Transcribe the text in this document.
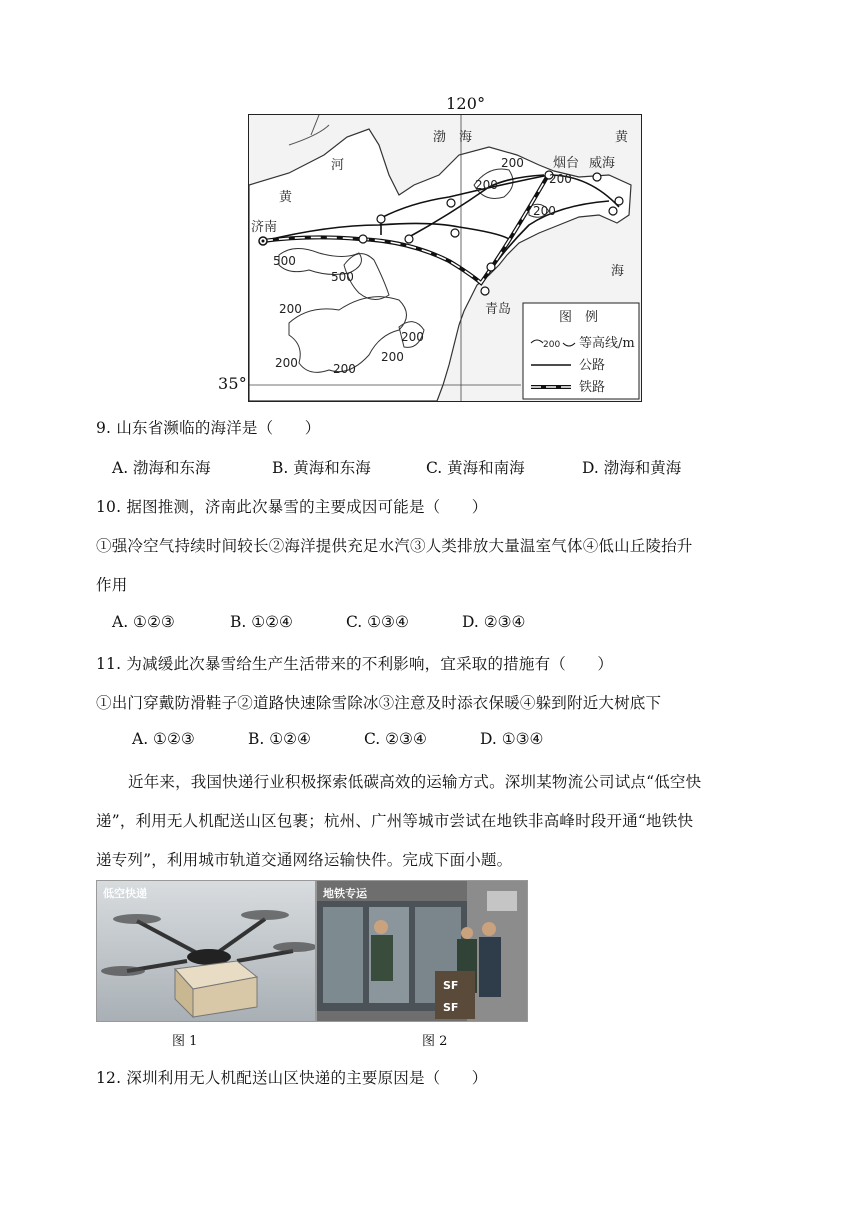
120°
35°
渤　海	黄
河
黄
海
济南
烟台 威海
青岛
200
200	200
200
500
500
200
200
200
200	200
图　例
200 等高线/m
公路
铁路
9. 山东省濒临的海洋是（　　）
A. 渤海和东海	B. 黄海和东海	C. 黄海和南海	D. 渤海和黄海
10. 据图推测，济南此次暴雪的主要成因可能是（　　）
①强冷空气持续时间较长②海洋提供充足水汽③人类排放大量温室气体④低山丘陵抬升
作用
A. ①②③	B. ①②④	C. ①③④	D. ②③④
11. 为减缓此次暴雪给生产生活带来的不利影响，宜采取的措施有（　　）
①出门穿戴防滑鞋子②道路快速除雪除冰③注意及时添衣保暖④躲到附近大树底下
A. ①②③	B. ①②④	C. ②③④	D. ①③④
近年来，我国快递行业积极探索低碳高效的运输方式。深圳某物流公司试点“低空快
递”，利用无人机配送山区包裹；杭州、广州等城市尝试在地铁非高峰时段开通“地铁快
递专列”，利用城市轨道交通网络运输快件。完成下面小题。
低空快递	地铁专运
SF
SF
图 1	图 2
12. 深圳利用无人机配送山区快递的主要原因是（　　）
